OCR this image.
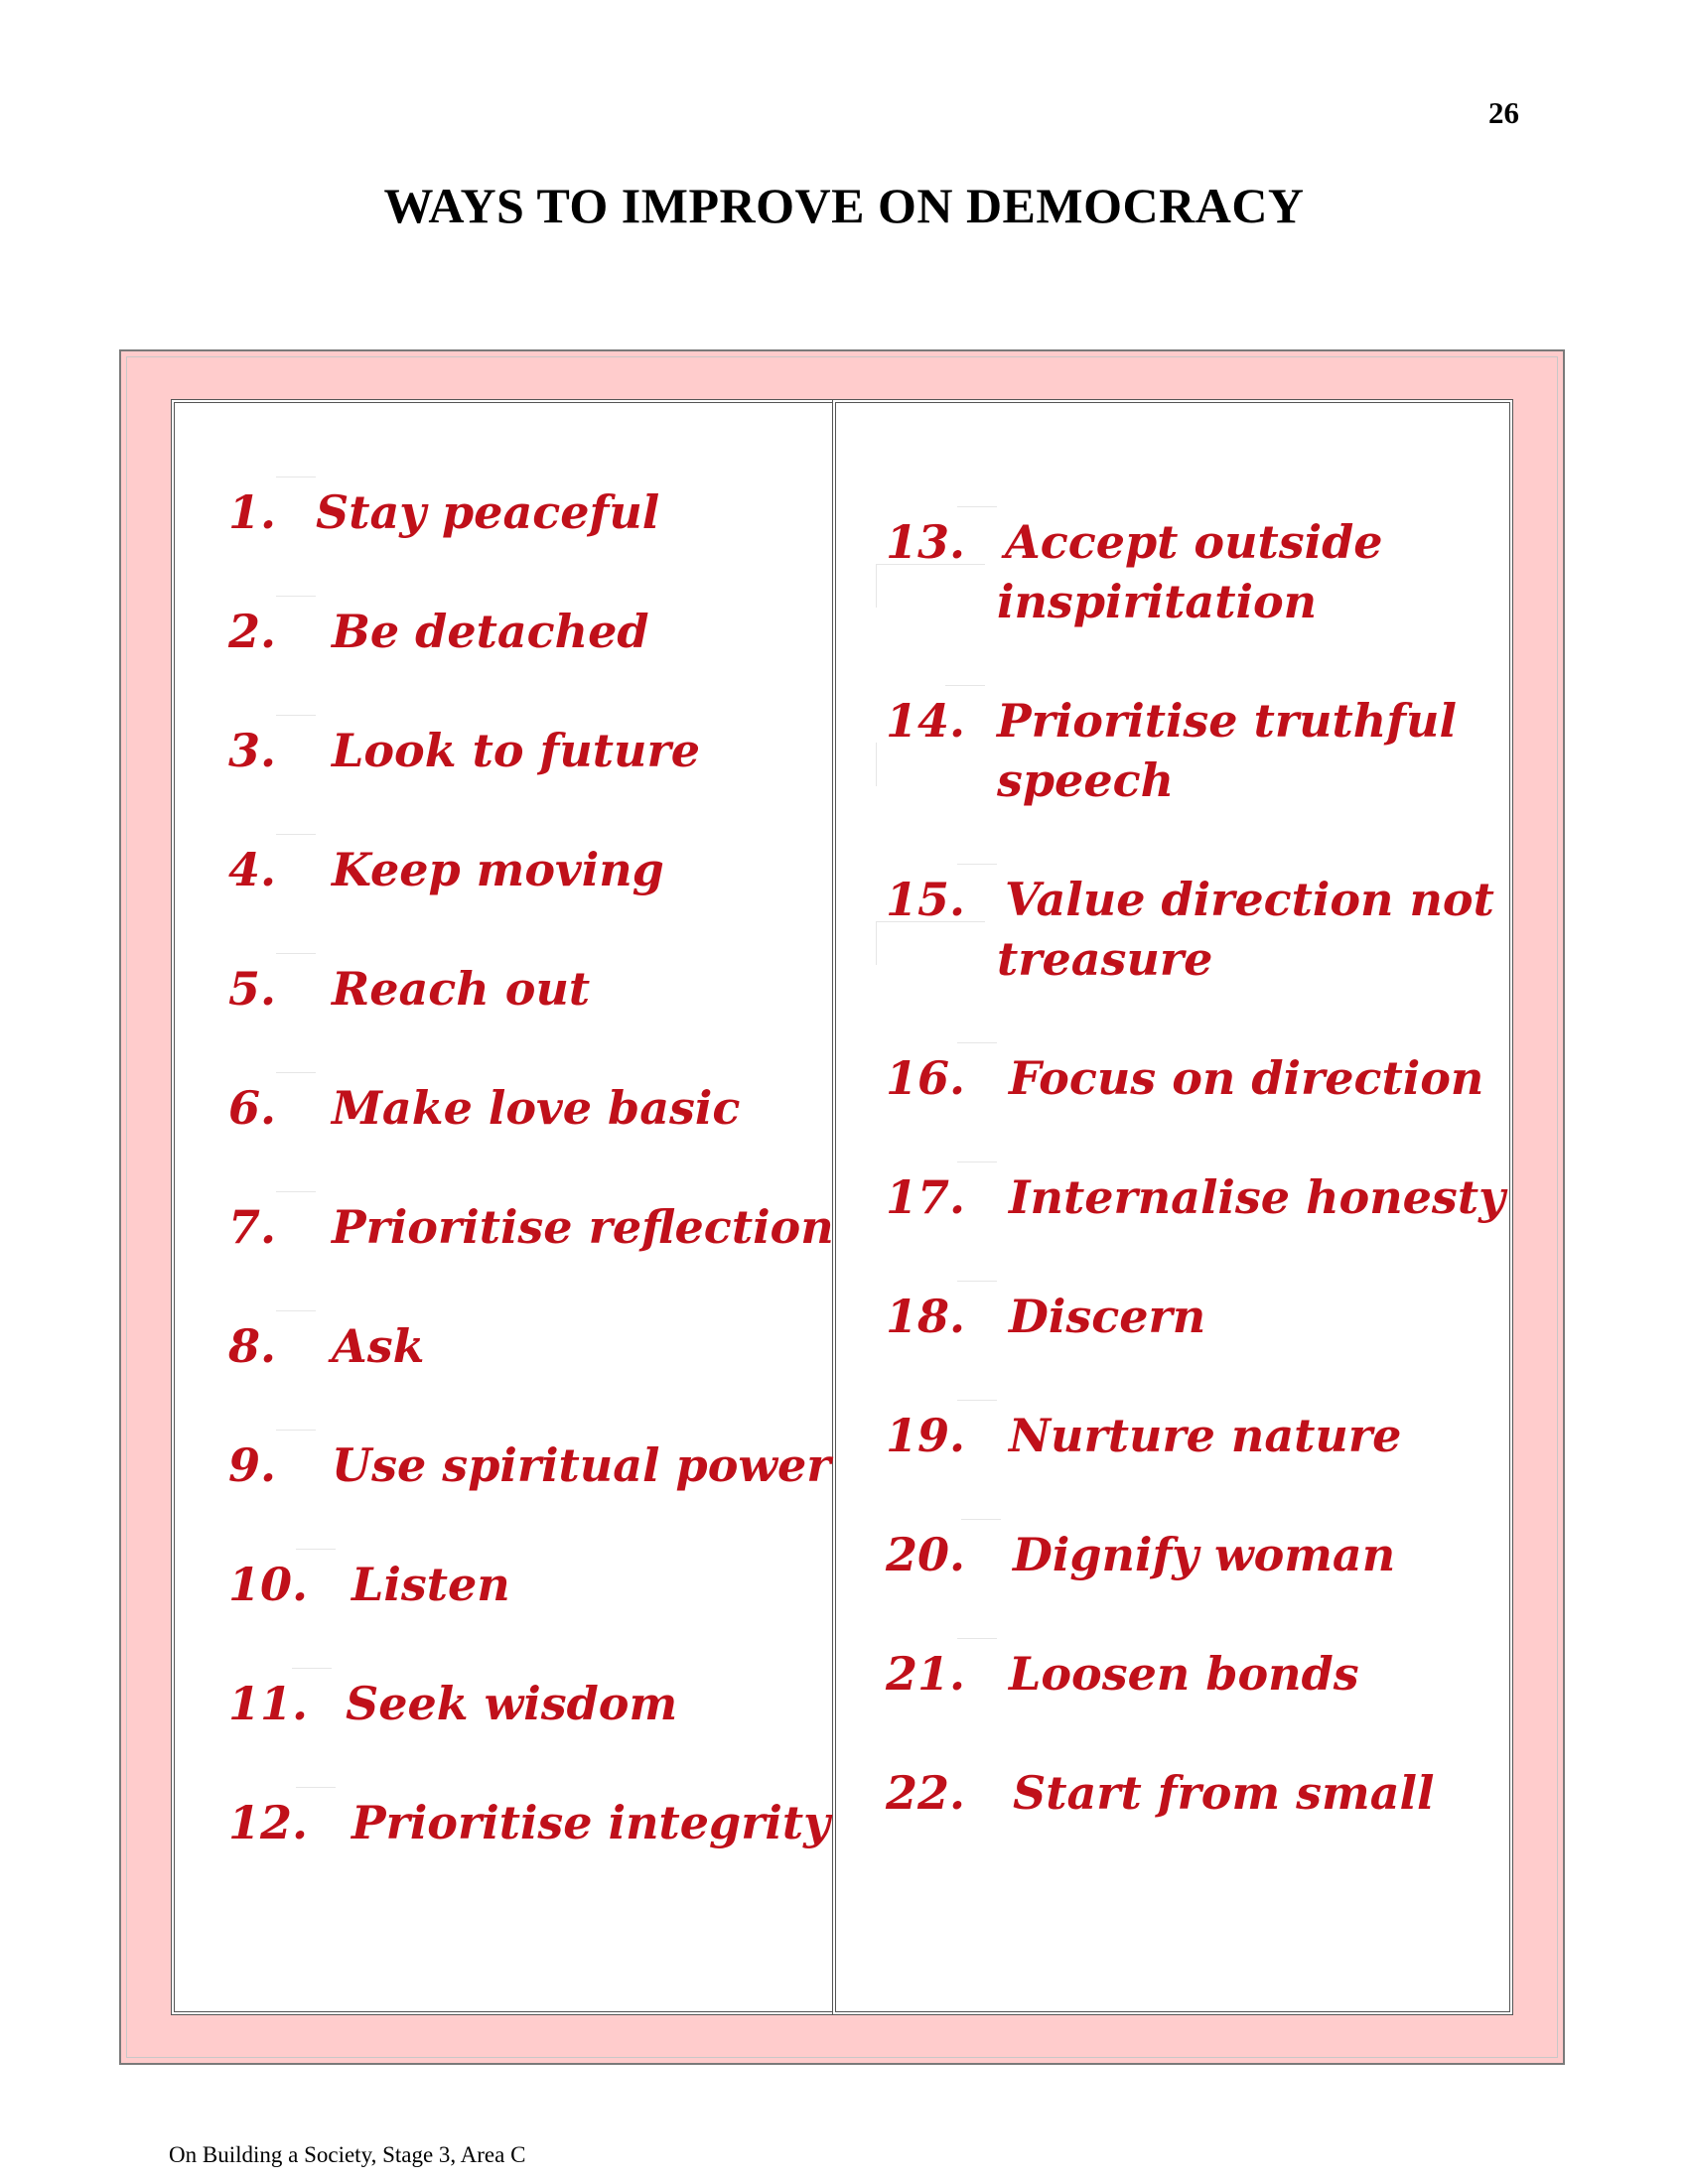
26
WAYS TO IMPROVE ON DEMOCRACY
1. Stay peaceful
2. Be detached
3. Look to future
4. Keep moving
5. Reach out
6. Make love basic
7. Prioritise reflection
8. Ask
9. Use spiritual power
10. Listen
11. Seek wisdom
12. Prioritise integrity
13. Accept outside
inspiritation
14. Prioritise truthful
speech
15. Value direction not
treasure
16. Focus on direction
17. Internalise honesty
18. Discern
19. Nurture nature
20. Dignify woman
21. Loosen bonds
22. Start from small
On Building a Society, Stage 3, Area C
